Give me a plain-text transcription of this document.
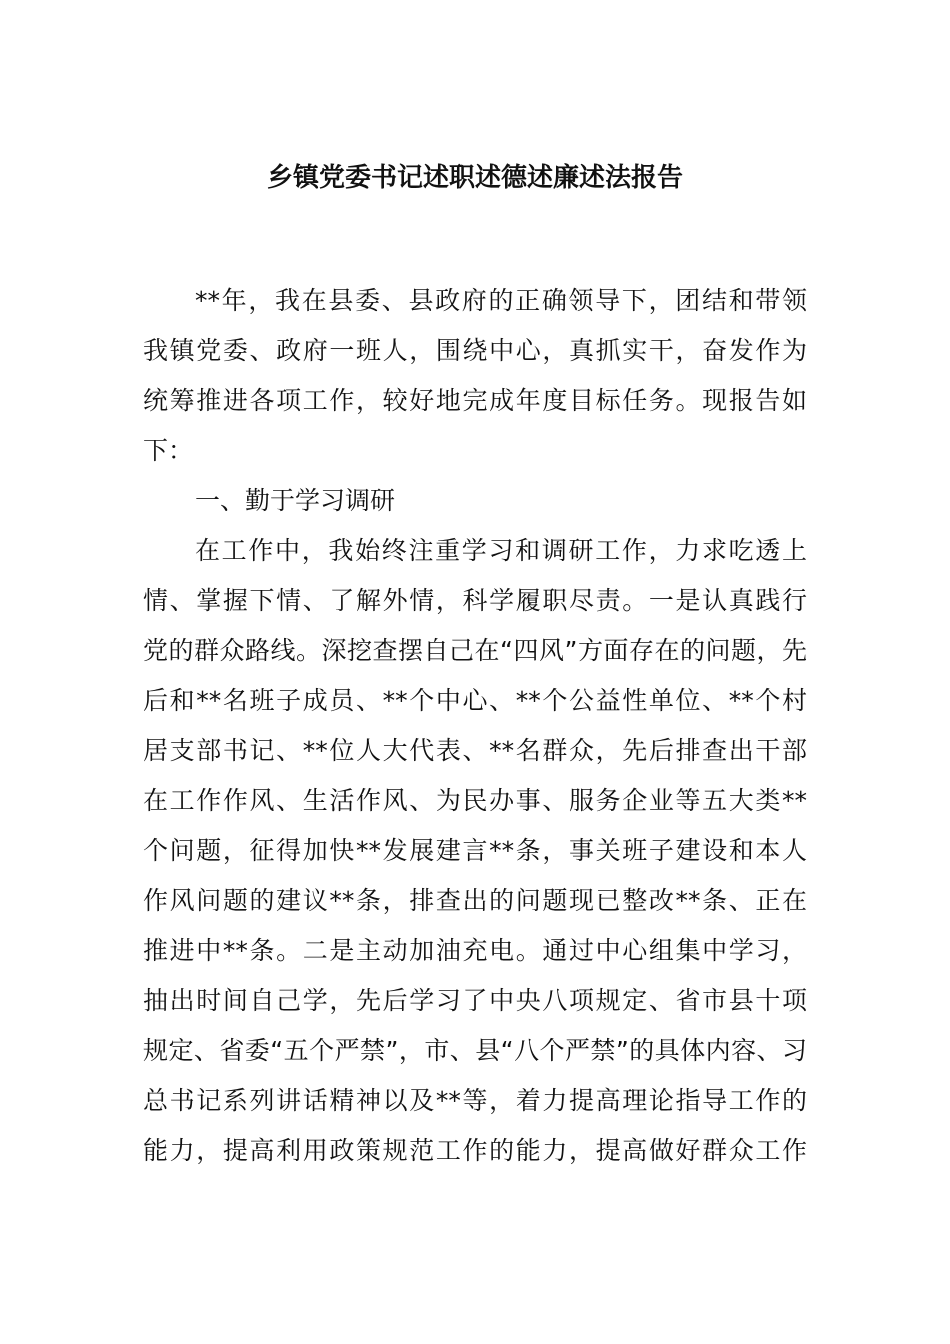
乡镇党委书记述职述德述廉述法报告
**年，我在县委、县政府的正确领导下，团结和带领
我镇党委、政府一班人，围绕中心，真抓实干，奋发作为
统筹推进各项工作，较好地完成年度目标任务。现报告如
下：
一、勤于学习调研
在工作中，我始终注重学习和调研工作，力求吃透上
情、掌握下情、了解外情，科学履职尽责。一是认真践行
党的群众路线。深挖查摆自己在“四风”方面存在的问题，先
后和**名班子成员、**个中心、**个公益性单位、**个村
居支部书记、**位人大代表、**名群众，先后排查出干部
在工作作风、生活作风、为民办事、服务企业等五大类**
个问题，征得加快**发展建言**条，事关班子建设和本人
作风问题的建议**条，排查出的问题现已整改**条、正在
推进中**条。二是主动加油充电。通过中心组集中学习，
抽出时间自己学，先后学习了中央八项规定、省市县十项
规定、省委“五个严禁”，市、县“八个严禁”的具体内容、习
总书记系列讲话精神以及**等，着力提高理论指导工作的
能力，提高利用政策规范工作的能力，提高做好群众工作
